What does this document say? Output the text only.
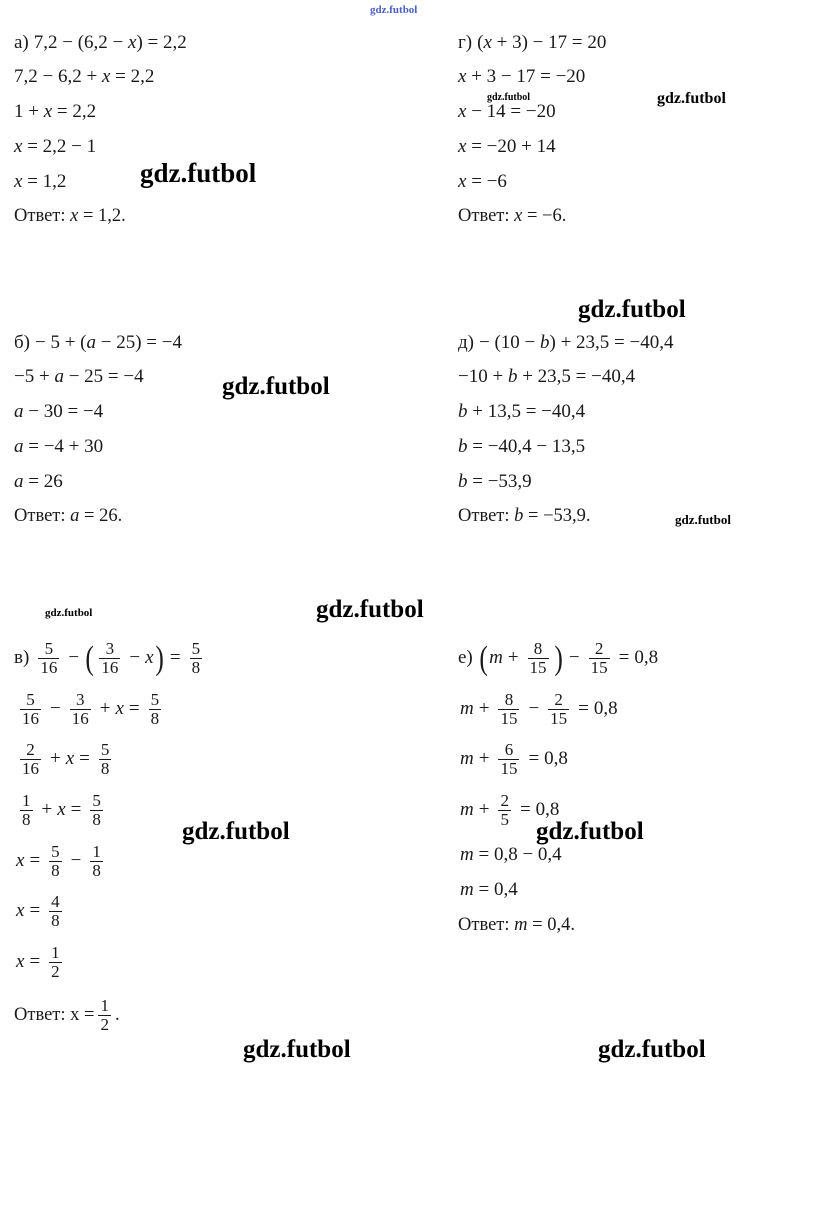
gdz.futbol
gdz.futbol
gdz.futbol	gdz.futbol
gdz.futbol
gdz.futbol
gdz.futbol
gdz.futbol	gdz.futbol
gdz.futbol	gdz.futbol
gdz.futbol	gdz.futbol
а) 7,2 − (6,2 − x) = 2,2
7,2 − 6,2 + x = 2,2
1 + x = 2,2
x = 2,2 − 1
x = 1,2
Ответ: x = 1,2.
б) − 5 + (a − 25) = −4
−5 + a − 25 = −4
a − 30 = −4
a = −4 + 30
a = 26
Ответ: a = 26.
$в) \frac{5}{16}$ − ( $\frac{3}{16} - x$ ) = $\frac{5}{8}$
$\frac{5}{16} - \frac{3}{16} + x = \frac{5}{8}$
$\frac{2}{16} + x = \frac{5}{8}$
$\frac{1}{8} + x = \frac{5}{8}$
$x = \frac{5}{8} - \frac{1}{8}$
$x = \frac{4}{8}$
$x = \frac{1}{2}$
Ответ: $x = \frac{1}{2}$ .
г) (x + 3) − 17 = 20
x + 3 − 17 = −20
x − 14 = −20
x = −20 + 14
x = −6
Ответ: x = −6.
д) − (10 − b) + 23,5 = −40,4
−10 + b + 23,5 = −40,4
b + 13,5 = −40,4
b = −40,4 − 13,5
b = −53,9
Ответ: b = −53,9.
е) ( $m + \frac{8}{15}$ ) − $\frac{2}{15} = 0,8$
$m + \frac{8}{15} - \frac{2}{15} = 0,8$
$m + \frac{6}{15} = 0,8$
$m + \frac{2}{5} = 0,8$
m = 0,8 − 0,4
m = 0,4
Ответ: m = 0,4.
